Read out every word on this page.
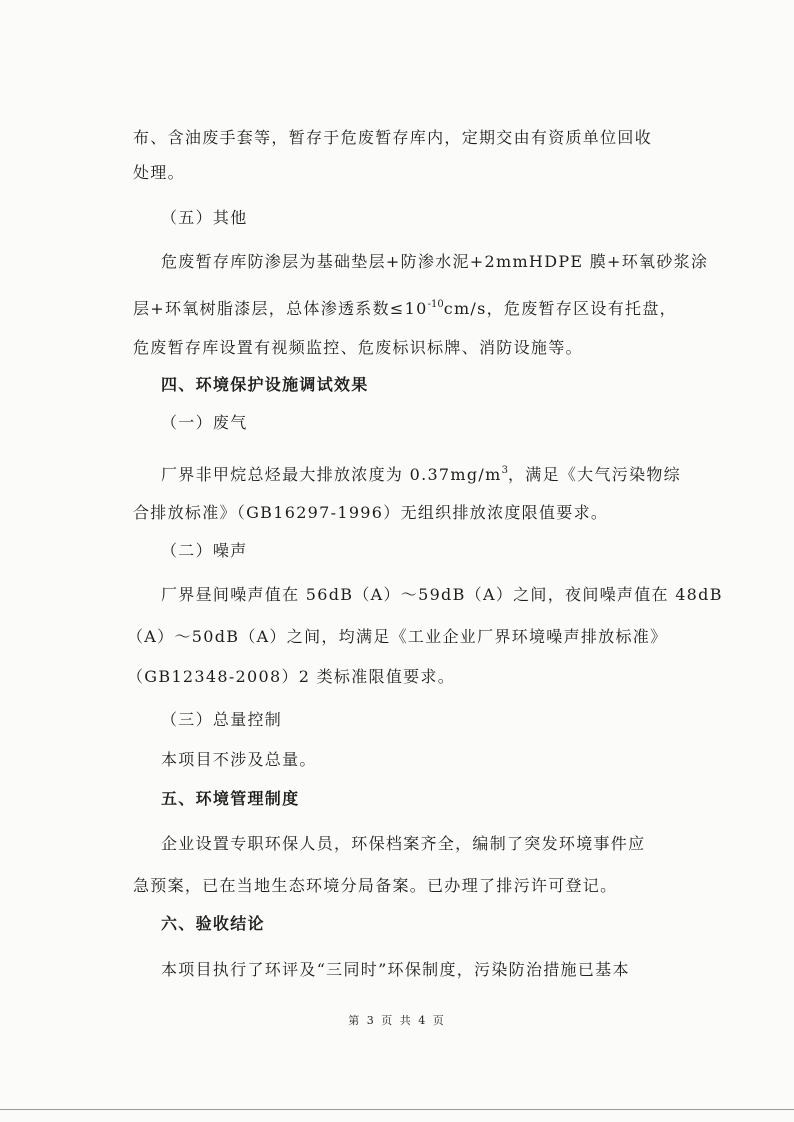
布、含油废手套等，暂存于危废暂存库内，定期交由有资质单位回收
处理。
（五）其他
危废暂存库防渗层为基础垫层+防渗水泥+2mmHDPE 膜+环氧砂浆涂
层+环氧树脂漆层，总体渗透系数$\le 10^{-10}cm/s$，危废暂存区设有托盘，
危废暂存库设置有视频监控、危废标识标牌、消防设施等。
四、环境保护设施调试效果
（一）废气
厂界非甲烷总烃最大排放浓度为 $0.37mg/m^3$，满足《大气污染物综
合排放标准》（GB16297-1996）无组织排放浓度限值要求。
（二）噪声
厂界昼间噪声值在 56dB（A）～59dB（A）之间，夜间噪声值在 48dB
（A）～50dB（A）之间，均满足《工业企业厂界环境噪声排放标准》
（GB12348-2008）2 类标准限值要求。
（三）总量控制
本项目不涉及总量。
五、环境管理制度
企业设置专职环保人员，环保档案齐全，编制了突发环境事件应
急预案，已在当地生态环境分局备案。已办理了排污许可登记。
六、验收结论
本项目执行了环评及“三同时”环保制度，污染防治措施已基本
第 3 页 共 4 页
